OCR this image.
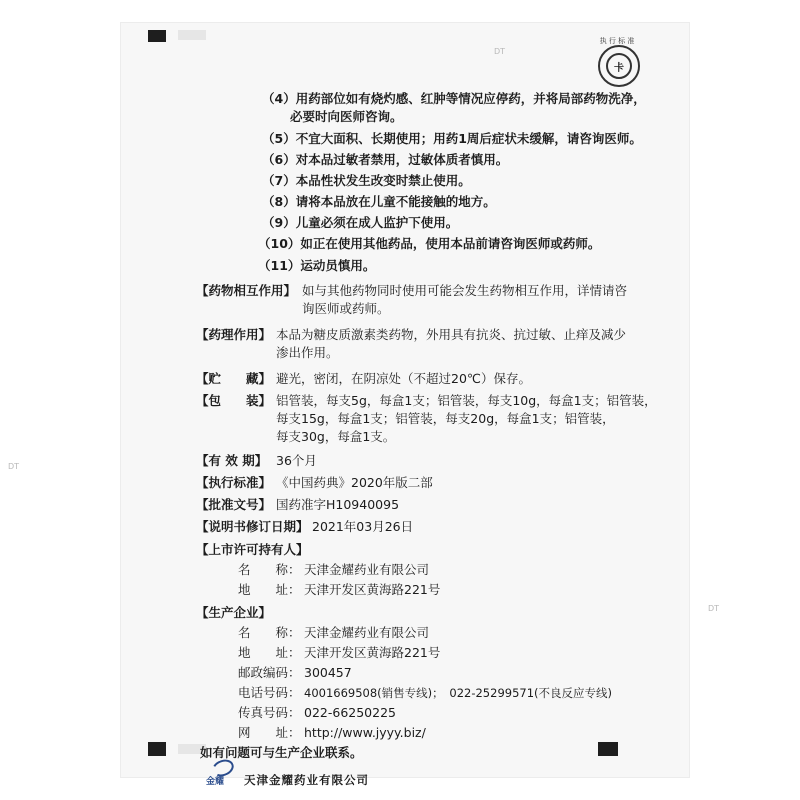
DT
DT
DT
执 行 标 准
卡
（4）用药部位如有烧灼感、红肿等情况应停药，并将局部药物洗净，
必要时向医师咨询。
（5）不宜大面积、长期使用；用药1周后症状未缓解，请咨询医师。
（6）对本品过敏者禁用，过敏体质者慎用。
（7）本品性状发生改变时禁止使用。
（8）请将本品放在儿童不能接触的地方。
（9）儿童必须在成人监护下使用。
（10）如正在使用其他药品，使用本品前请咨询医师或药师。
（11）运动员慎用。
【药物相互作用】 如与其他药物同时使用可能会发生药物相互作用，详情请咨
询医师或药师。
【药理作用】 本品为糖皮质激素类药物，外用具有抗炎、抗过敏、止痒及减少
渗出作用。
【贮　　藏】 避光，密闭，在阴凉处（不超过20℃）保存。
【包　　装】 铝管装，每支5g，每盒1支；铝管装，每支10g，每盒1支；铝管装，
每支15g，每盒1支；铝管装，每支20g，每盒1支；铝管装，
每支30g，每盒1支。
【有 效 期】 36个月
【执行标准】 《中国药典》2020年版二部
【批准文号】 国药准字H10940095
【说明书修订日期】 2021年03月26日
【上市许可持有人】
名　　称： 天津金耀药业有限公司
地　　址： 天津开发区黄海路221号
【生产企业】
名　　称： 天津金耀药业有限公司
地　　址： 天津开发区黄海路221号
邮政编码： 300457
电话号码： 4001669508(销售专线)；　022-25299571(不良反应专线)
传真号码： 022-66250225
网　　址： http://www.jyyy.biz/
如有问题可与生产企业联系。
金耀 天津金耀药业有限公司
